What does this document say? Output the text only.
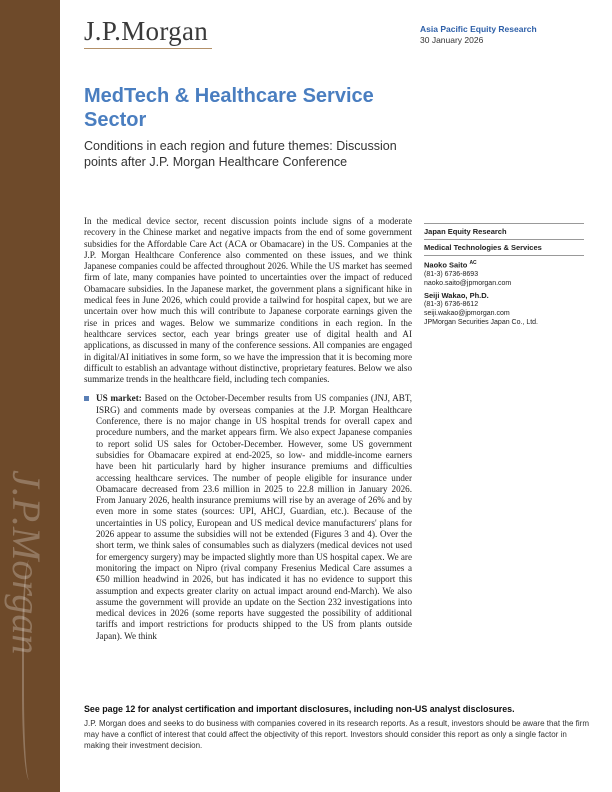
J.P.Morgan
J.P.Morgan	Asia Pacific Equity Research
30 January 2026
MedTech & Healthcare Service Sector
Conditions in each region and future themes: Discussion points after J.P. Morgan Healthcare Conference

In the medical device sector, recent discussion points include signs of a moderate recovery in the Chinese market and negative impacts from the end of some government subsidies for the Affordable Care Act (ACA or Obamacare) in the US. Companies at the J.P. Morgan Healthcare Conference also commented on these issues, and we think Japanese companies could be affected throughout 2026. While the US market has seemed firm of late, many companies have pointed to uncertainties over the impact of reduced Obamacare subsidies. In the Japanese market, the government plans a significant hike in medical fees in June 2026, which could provide a tailwind for hospital capex, but we are uncertain over how much this will contribute to Japanese corporate earnings given the rise in prices and wages. Below we summarize conditions in each region. In the healthcare services sector, each year brings greater use of digital health and AI applications, as discussed in many of the conference sessions. All companies are engaged in digital/AI initiatives in some form, so we have the impression that it is becoming more difficult to establish an advantage without distinctive, proprietary features. Below we also summarize trends in the healthcare field, including tech companies.

US market: Based on the October-December results from US companies (JNJ, ABT, ISRG) and comments made by overseas companies at the J.P. Morgan Healthcare Conference, there is no major change in US hospital trends for overall capex and procedure numbers, and the market appears firm. We also expect Japanese companies to report solid US sales for October-December. However, some US government subsidies for Obamacare expired at end-2025, so low- and middle-income earners have been hit particularly hard by higher insurance premiums and difficulties accessing healthcare services. The number of people eligible for insurance under Obamacare decreased from 23.6 million in 2025 to 22.8 million in January 2026. From January 2026, health insurance premiums will rise by an average of 26% and by even more in some states (sources: UPI, AHCJ, Guardian, etc.). Because of the uncertainties in US policy, European and US medical device manufacturers' plans for 2026 appear to assume the subsidies will not be extended (Figures 3 and 4). Over the short term, we think sales of consumables such as dialyzers (medical devices not used for emergency surgery) may be impacted slightly more than US hospital capex. We are monitoring the impact on Nipro (rival company Fresenius Medical Care assumes a €50 million headwind in 2026, but has indicated it has no evidence to support this assumption and expects greater clarity on actual impact around end-March). We also assume the government will provide an update on the Section 232 investigations into medical devices in 2026 (some reports have suggested the possibility of additional tariffs and import restrictions for products shipped to the US from plants outside Japan). We think

Japan Equity Research
Medical Technologies & Services
Naoko Saito $^{AC}$
(81-3) 6736-8693
naoko.saito@jpmorgan.com
Seiji Wakao, Ph.D.
(81-3) 6736-8612
seiji.wakao@jpmorgan.com
JPMorgan Securities Japan Co., Ltd.
See page 12 for analyst certification and important disclosures, including non-US analyst disclosures.
J.P. Morgan does and seeks to do business with companies covered in its research reports. As a result, investors should be aware that the firm may have a conflict of interest that could affect the objectivity of this report. Investors should consider this report as only a single factor in making their investment decision.
